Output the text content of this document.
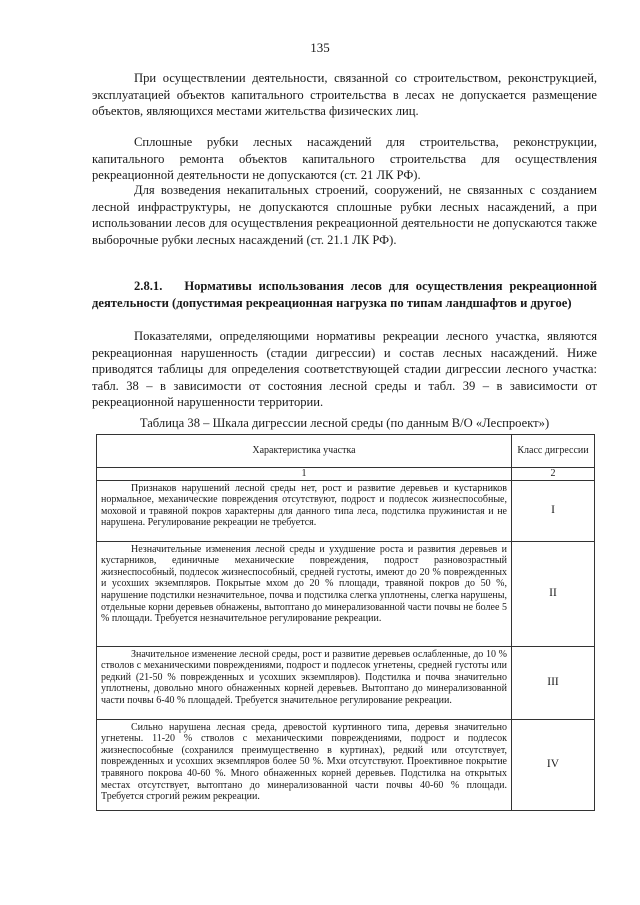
135

При осуществлении деятельности, связанной со строительством, реконструкцией, эксплуатацией объектов капитального строительства в лесах не допускается размещение объектов, являющихся местами жительства физических лиц.

Сплошные рубки лесных насаждений для строительства, реконструкции, капитального ремонта объектов капитального строительства для осуществления рекреационной деятельности не допускаются (ст. 21 ЛК РФ).

Для возведения некапитальных строений, сооружений, не связанных с созданием лесной инфраструктуры, не допускаются сплошные рубки лесных насаждений, а при использовании лесов для осуществления рекреационной деятельности не допускаются также выборочные рубки лесных насаждений (ст. 21.1 ЛК РФ).

2.8.1. Нормативы использования лесов для осуществления рекреационной деятельности (допустимая рекреационная нагрузка по типам ландшафтов и другое)

Показателями, определяющими нормативы рекреации лесного участка, являются рекреационная нарушенность (стадии дигрессии) и состав лесных насаждений. Ниже приводятся таблицы для определения соответствующей стадии дигрессии лесного участка: табл. 38 – в зависимости от состояния лесной среды и табл. 39 – в зависимости от рекреационной нарушенности территории.

Таблица 38 – Шкала дигрессии лесной среды (по данным В/О «Леспроект»)
Характеристика участка	Класс дигрессии
1	2
Признаков нарушений лесной среды нет, рост и развитие деревьев и кустарников нормальное, механические повреждения отсутствуют, подрост и подлесок жизнеспособные, моховой и травяной покров характерны для данного типа леса, подстилка пружинистая и не нарушена. Регулирование рекреации не требуется.	I
Незначительные изменения лесной среды и ухудшение роста и развития деревьев и кустарников, единичные механические повреждения, подрост разновозрастный жизнеспособный, подлесок жизнеспособный, средней густоты, имеют до 20 % поврежденных и усохших экземпляров. Покрытые мхом до 20 % площади, травяной покров до 50 %, нарушение подстилки незначительное, почва и подстилка слегка уплотнены, слегка нарушены, отдельные корни деревьев обнажены, вытоптано до минерализованной части почвы не более 5 % площади. Требуется незначительное регулирование рекреации.	II
Значительное изменение лесной среды, рост и развитие деревьев ослабленные, до 10 % стволов с механическими повреждениями, подрост и подлесок угнетены, средней густоты или редкий (21-50 % поврежденных и усохших экземпляров). Подстилка и почва значительно уплотнены, довольно много обнаженных корней деревьев. Вытоптано до минерализованной части почвы 6-40 % площадей. Требуется значительное регулирование рекреации.	III
Сильно нарушена лесная среда, древостой куртинного типа, деревья значительно угнетены. 11-20 % стволов с механическими повреждениями, подрост и подлесок жизнеспособные (сохранился преимущественно в куртинах), редкий или отсутствует, поврежденных и усохших экземпляров более 50 %. Мхи отсутствуют. Проективное покрытие травяного покрова 40-60 %. Много обнаженных корней деревьев. Подстилка на открытых местах отсутствует, вытоптано до минерализованной части почвы 40-60 % площади. Требуется строгий режим рекреации.	IV
